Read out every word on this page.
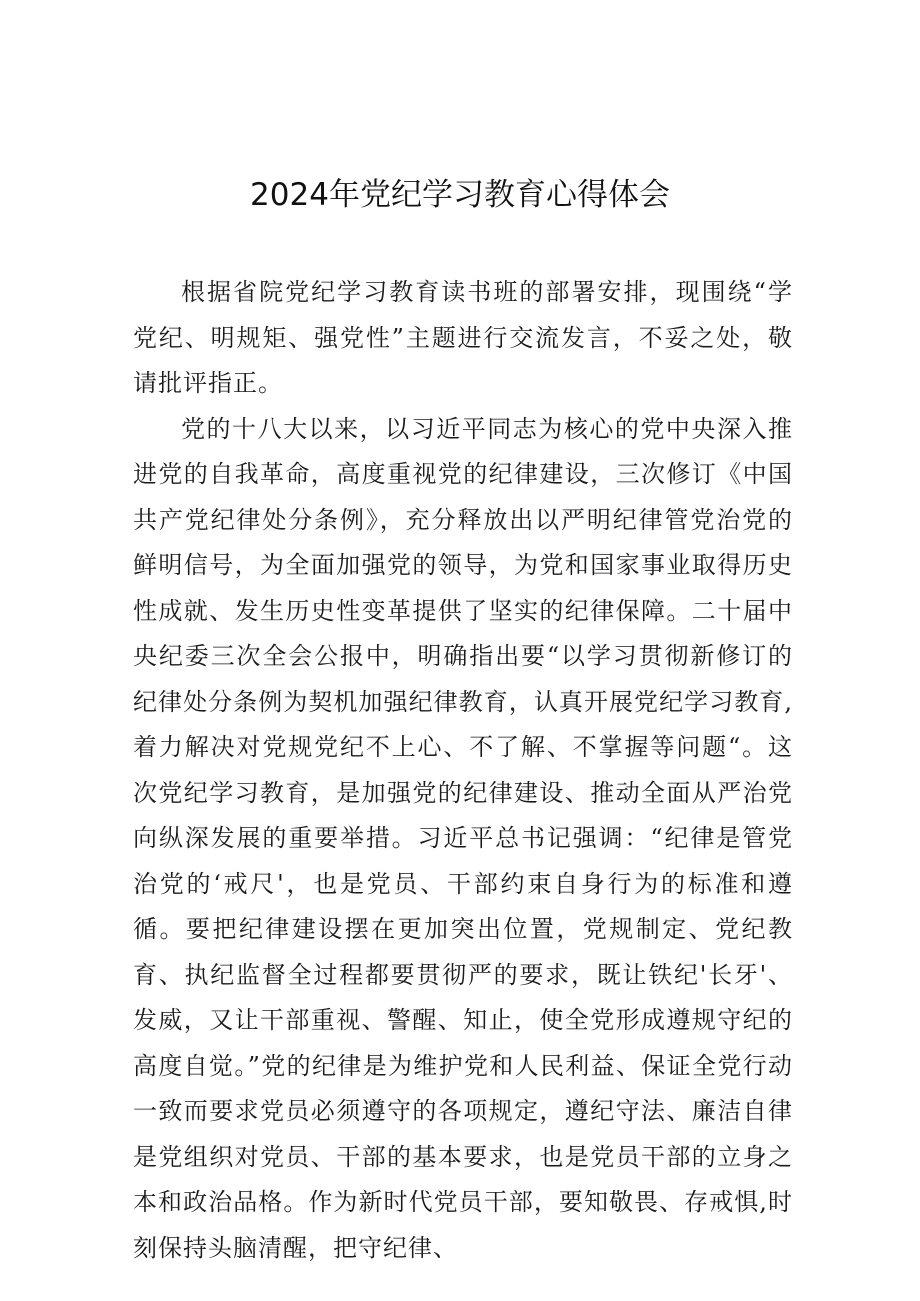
2024年党纪学习教育心得体会

根据省院党纪学习教育读书班的部署安排，现围绕“学党纪、明规矩、强党性”主题进行交流发言，不妥之处，敬请批评指正。

党的十八大以来，以习近平同志为核心的党中央深入推进党的自我革命，高度重视党的纪律建设，三次修订《中国共产党纪律处分条例》，充分释放出以严明纪律管党治党的鲜明信号，为全面加强党的领导，为党和国家事业取得历史性成就、发生历史性变革提供了坚实的纪律保障。二十届中央纪委三次全会公报中，明确指出要“以学习贯彻新修订的纪律处分条例为契机加强纪律教育，认真开展党纪学习教育,着力解决对党规党纪不上心、不了解、不掌握等问题“。这次党纪学习教育，是加强党的纪律建设、推动全面从严治党向纵深发展的重要举措。习近平总书记强调：“纪律是管党治党的‘戒尺'，也是党员、干部约束自身行为的标准和遵循。要把纪律建设摆在更加突出位置，党规制定、党纪教育、执纪监督全过程都要贯彻严的要求，既让铁纪'长牙'、发威，又让干部重视、警醒、知止，使全党形成遵规守纪的高度自觉。”党的纪律是为维护党和人民利益、保证全党行动一致而要求党员必须遵守的各项规定，遵纪守法、廉洁自律是党组织对党员、干部的基本要求，也是党员干部的立身之本和政治品格。作为新时代党员干部，要知敬畏、存戒惧,时刻保持头脑清醒，把守纪律、
